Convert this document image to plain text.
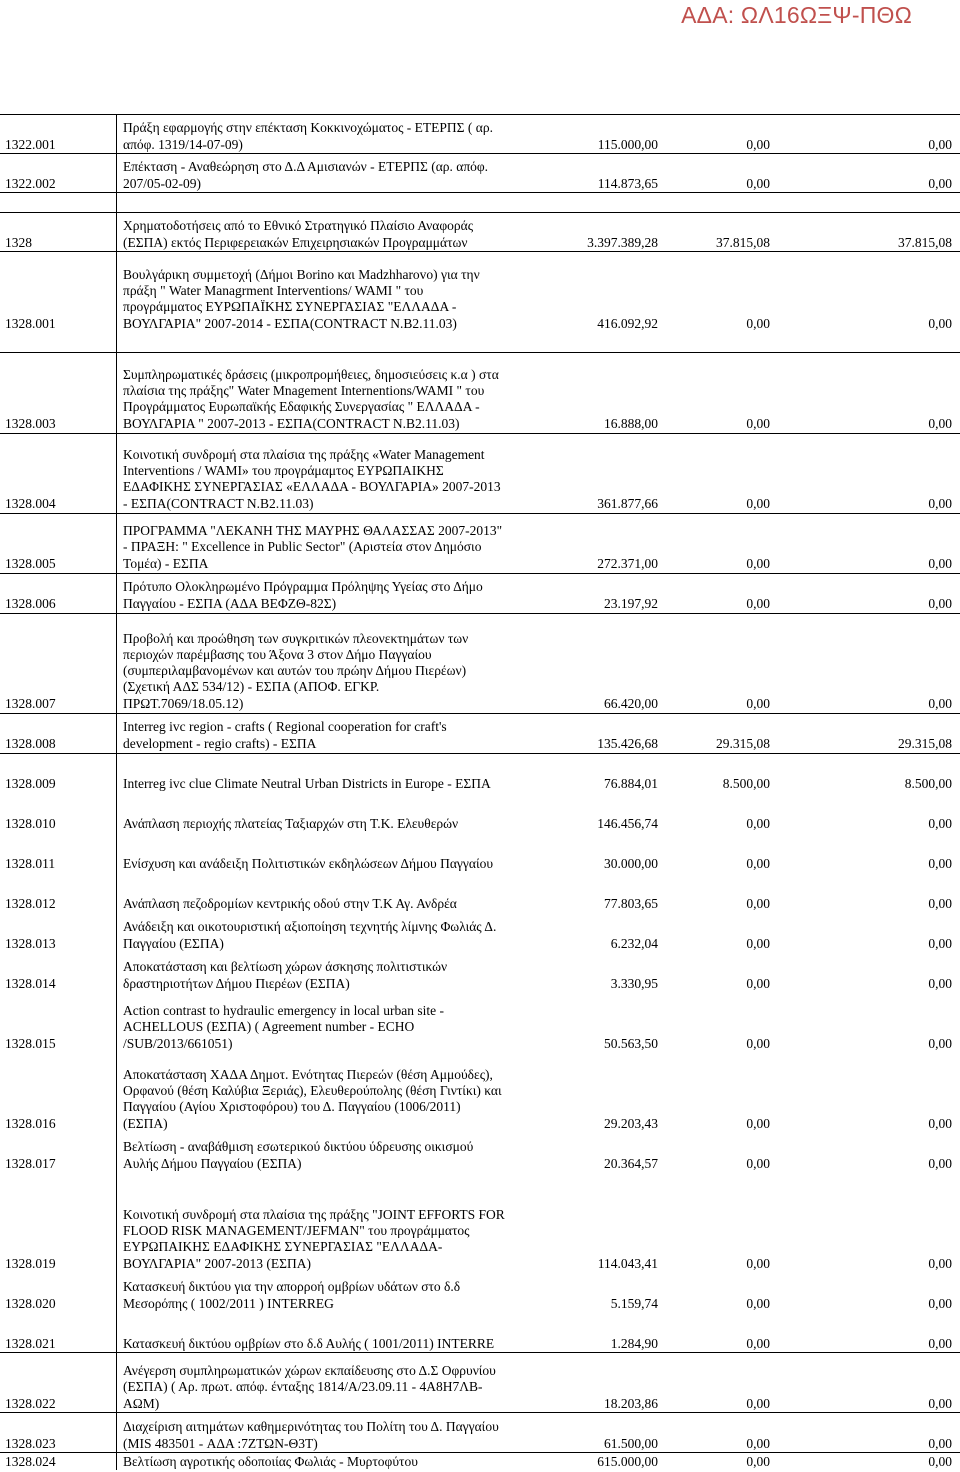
ΑΔΑ: ΩΛ16ΩΞΨ-ΠΘΩ
1322.001
Πράξη εφαρμογής στην επέκταση Κοκκινοχώματος - ΕΤΕΡΠΣ ( αρ.
απόφ. 1319/14-07-09)	115.000,00	0,00	0,00
1322.002
Επέκταση - Αναθεώρηση στο Δ.Δ Αμισιανών - ΕΤΕΡΠΣ (αρ. απόφ.
207/05-02-09)	114.873,65	0,00	0,00
1328
Χρηματοδοτήσεις από το Εθνικό Στρατηγικό Πλαίσιο Αναφοράς
(ΕΣΠΑ) εκτός Περιφερειακών Επιχειρησιακών Προγραμμάτων	3.397.389,28	37.815,08	37.815,08
1328.001
Βουλγάρικη συμμετοχή (Δήμοι Borino και Madzhharovo) για την
πράξη " Water Managrment Interventions/ WAMI " του
προγράμματος ΕΥΡΩΠΑΪΚΗΣ ΣΥΝΕΡΓΑΣΙΑΣ "ΕΛΛΑΔΑ -
ΒΟΥΛΓΑΡΙΑ" 2007-2014 - ΕΣΠΑ(CONTRACT N.B2.11.03)	416.092,92	0,00	0,00
1328.003
Συμπληρωματικές δράσεις (μικροπρομήθειες, δημοσιεύσεις κ.α ) στα
πλαίσια της πράξης" Water Mnagement Internentions/WAMI " του
Προγράμματος Ευρωπαϊκής Εδαφικής Συνεργασίας " ΕΛΛΑΔΑ -
ΒΟΥΛΓΑΡΙΑ " 2007-2013 - ΕΣΠΑ(CONTRACT N.B2.11.03)	16.888,00	0,00	0,00
1328.004
Κοινοτική συνδρομή στα πλαίσια της πράξης «Water Management
Interventions / WAMI» του προγράμαμτος ΕΥΡΩΠΑΙΚΗΣ
ΕΔΑΦΙΚΗΣ ΣΥΝΕΡΓΑΣΙΑΣ «ΕΛΛΑΔΑ - ΒΟΥΛΓΑΡΙΑ» 2007-2013
- ΕΣΠΑ(CONTRACT N.B2.11.03)	361.877,66	0,00	0,00
1328.005
ΠΡΟΓΡΑΜΜΑ "ΛΕΚΑΝΗ ΤΗΣ ΜΑΥΡΗΣ ΘΑΛΑΣΣΑΣ 2007-2013"
- ΠΡΑΞΗ: " Excellence in Public Sector" (Αριστεία στον Δημόσιο
Τομέα) - ΕΣΠΑ	272.371,00	0,00	0,00
1328.006
Πρότυπο Ολοκληρωμένο Πρόγραμμα Πρόληψης Υγείας στο Δήμο
Παγγαίου - ΕΣΠΑ (ΑΔΑ ΒΕΦΖΘ-82Σ)	23.197,92	0,00	0,00
1328.007
Προβολή και προώθηση των συγκριτικών πλεονεκτημάτων των
περιοχών παρέμβασης του Άξονα 3 στον Δήμο Παγγαίου
(συμπεριλαμβανομένων και αυτών του πρώην Δήμου Πιερέων)
(Σχετική ΑΔΣ 534/12) - ΕΣΠΑ (ΑΠΟΦ. ΕΓΚΡ.
ΠΡΩΤ.7069/18.05.12)	66.420,00	0,00	0,00
1328.008
Interreg ivc region - crafts ( Regional cooperation for craft's
development - regio crafts) - ΕΣΠΑ	135.426,68	29.315,08	29.315,08
1328.009	Interreg ivc clue Climate Neutral Urban Districts in Europe - ΕΣΠΑ	76.884,01	8.500,00	8.500,00
1328.010	Ανάπλαση περιοχής πλατείας Ταξιαρχών στη Τ.Κ. Ελευθερών	146.456,74	0,00	0,00
1328.011	Ενίσχυση και ανάδειξη Πολιτιστικών εκδηλώσεων Δήμου Παγγαίου	30.000,00	0,00	0,00
1328.012	Ανάπλαση πεζοδρομίων κεντρικής οδού στην Τ.Κ Αγ. Ανδρέα	77.803,65	0,00	0,00
1328.013
Ανάδειξη και οικοτουριστική αξιοποίηση τεχνητής λίμνης Φωλιάς Δ.
Παγγαίου (ΕΣΠΑ)	6.232,04	0,00	0,00
1328.014
Αποκατάσταση και βελτίωση χώρων άσκησης πολιτιστικών
δραστηριοτήτων Δήμου Πιερέων (ΕΣΠΑ)	3.330,95	0,00	0,00
1328.015
Action contrast to hydraulic emergency in local urban site -
ACHELLOUS (ΕΣΠΑ) ( Agreement number - ECHO
/SUB/2013/661051)	50.563,50	0,00	0,00
1328.016
Αποκατάσταση ΧΑΔΑ Δημοτ. Ενότητας Πιερεών (θέση Αμμούδες),
Ορφανού (θέση Καλύβια Ξεριάς), Ελευθερούπολης (θέση Γιντίκι) και
Παγγαίου (Αγίου Χριστοφόρου) του Δ. Παγγαίου (1006/2011)
(ΕΣΠΑ)	29.203,43	0,00	0,00
1328.017
Βελτίωση - αναβάθμιση εσωτερικού δικτύου ύδρευσης οικισμού
Αυλής Δήμου Παγγαίου (ΕΣΠΑ)	20.364,57	0,00	0,00
1328.019
Κοινοτική συνδρομή στα πλαίσια της πράξης "JOINT EFFORTS FOR
FLOOD RISK MANAGEMENT/JEFMAN" του προγράμματος
ΕΥΡΩΠΑΙΚΗΣ ΕΔΑΦΙΚΗΣ ΣΥΝΕΡΓΑΣΙΑΣ "ΕΛΛΑΔΑ-
ΒΟΥΛΓΑΡΙΑ" 2007-2013 (ΕΣΠΑ)	114.043,41	0,00	0,00
1328.020
Κατασκευή δικτύου για την απορροή ομβρίων υδάτων στο δ.δ
Μεσορόπης ( 1002/2011 ) INTERREG	5.159,74	0,00	0,00
1328.021	Κατασκευή δικτύου ομβρίων στο δ.δ Αυλής ( 1001/2011) INTERRE	1.284,90	0,00	0,00
1328.022
Ανέγερση συμπληρωματικών χώρων εκπαίδευσης στο Δ.Σ Οφρυνίου
(ΕΣΠΑ) ( Αρ. πρωτ. απόφ. ένταξης 1814/Α/23.09.11 - 4Α8Η7ΛΒ-
ΑΩΜ)	18.203,86	0,00	0,00
1328.023
Διαχείριση αιτημάτων καθημερινότητας του Πολίτη του Δ. Παγγαίου
(MIS 483501 - ΑΔΑ :7ΖΤΩΝ-Θ3Τ)	61.500,00	0,00	0,00
1328.024	Βελτίωση αγροτικής οδοποιίας Φωλιάς - Μυρτοφύτου	615.000,00	0,00	0,00
